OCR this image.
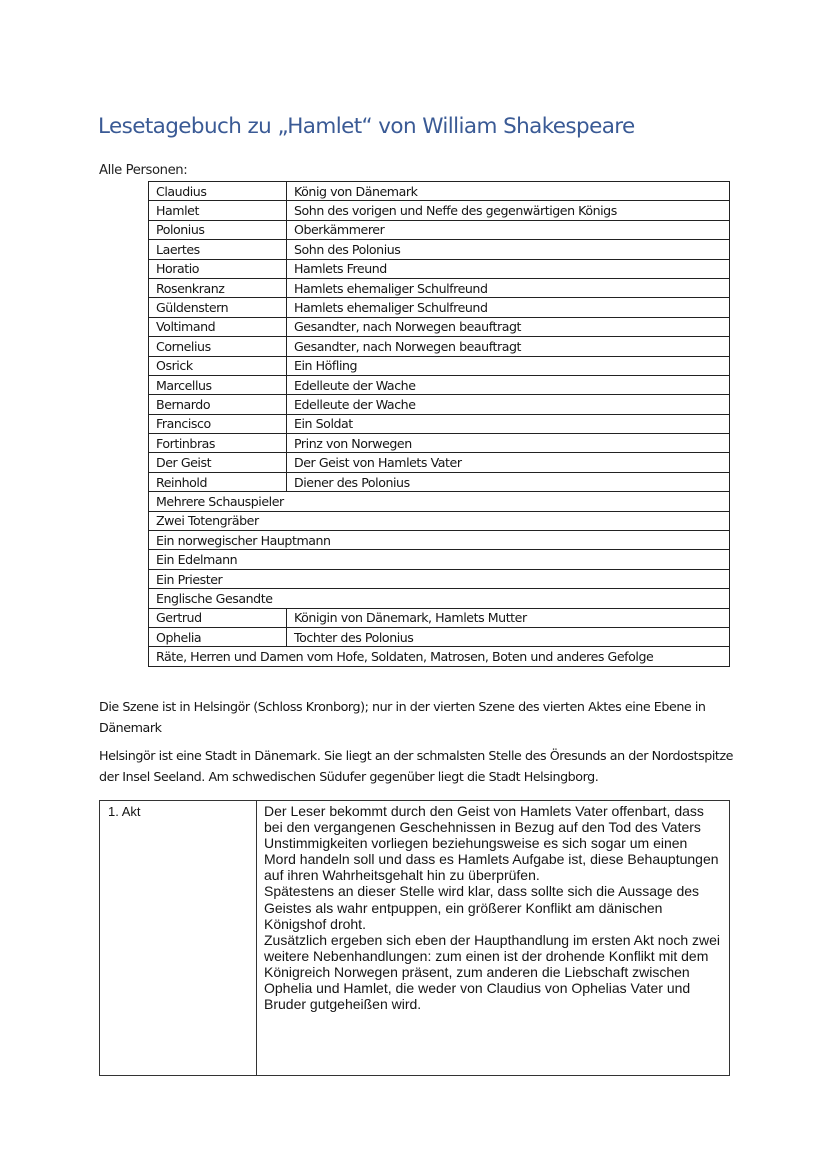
Lesetagebuch zu „Hamlet“ von William Shakespeare
Alle Personen:
Claudius	König von Dänemark
Hamlet	Sohn des vorigen und Neffe des gegenwärtigen Königs
Polonius	Oberkämmerer
Laertes	Sohn des Polonius
Horatio	Hamlets Freund
Rosenkranz	Hamlets ehemaliger Schulfreund
Güldenstern	Hamlets ehemaliger Schulfreund
Voltimand	Gesandter, nach Norwegen beauftragt
Cornelius	Gesandter, nach Norwegen beauftragt
Osrick	Ein Höfling
Marcellus	Edelleute der Wache
Bernardo	Edelleute der Wache
Francisco	Ein Soldat
Fortinbras	Prinz von Norwegen
Der Geist	Der Geist von Hamlets Vater
Reinhold	Diener des Polonius
Mehrere Schauspieler	
Zwei Totengräber	
Ein norwegischer Hauptmann	
Ein Edelmann	
Ein Priester	
Englische Gesandte	
Gertrud	Königin von Dänemark, Hamlets Mutter
Ophelia	Tochter des Polonius
Räte, Herren und Damen vom Hofe, Soldaten, Matrosen, Boten und anderes Gefolge	

Die Szene ist in Helsingör (Schloss Kronborg); nur in der vierten Szene des vierten Aktes eine Ebene in Dänemark

Helsingör ist eine Stadt in Dänemark. Sie liegt an der schmalsten Stelle des Öresunds an der Nordostspitze der Insel Seeland. Am schwedischen Südufer gegenüber liegt die Stadt Helsingborg.

1. Akt	Der Leser bekommt durch den Geist von Hamlets Vater offenbart, dass bei den vergangenen Geschehnissen in Bezug auf den Tod des Vaters Unstimmigkeiten vorliegen beziehungsweise es sich sogar um einen Mord handeln soll und dass es Hamlets Aufgabe ist, diese Behauptungen auf ihren Wahrheitsgehalt hin zu überprüfen.

Spätestens an dieser Stelle wird klar, dass sollte sich die Aussage des Geistes als wahr entpuppen, ein größerer Konflikt am dänischen Königshof droht.

Zusätzlich ergeben sich eben der Haupthandlung im ersten Akt noch zwei weitere Nebenhandlungen: zum einen ist der drohende Konflikt mit dem Königreich Norwegen präsent, zum anderen die Liebschaft zwischen Ophelia und Hamlet, die weder von Claudius von Ophelias Vater und Bruder gutgeheißen wird.
